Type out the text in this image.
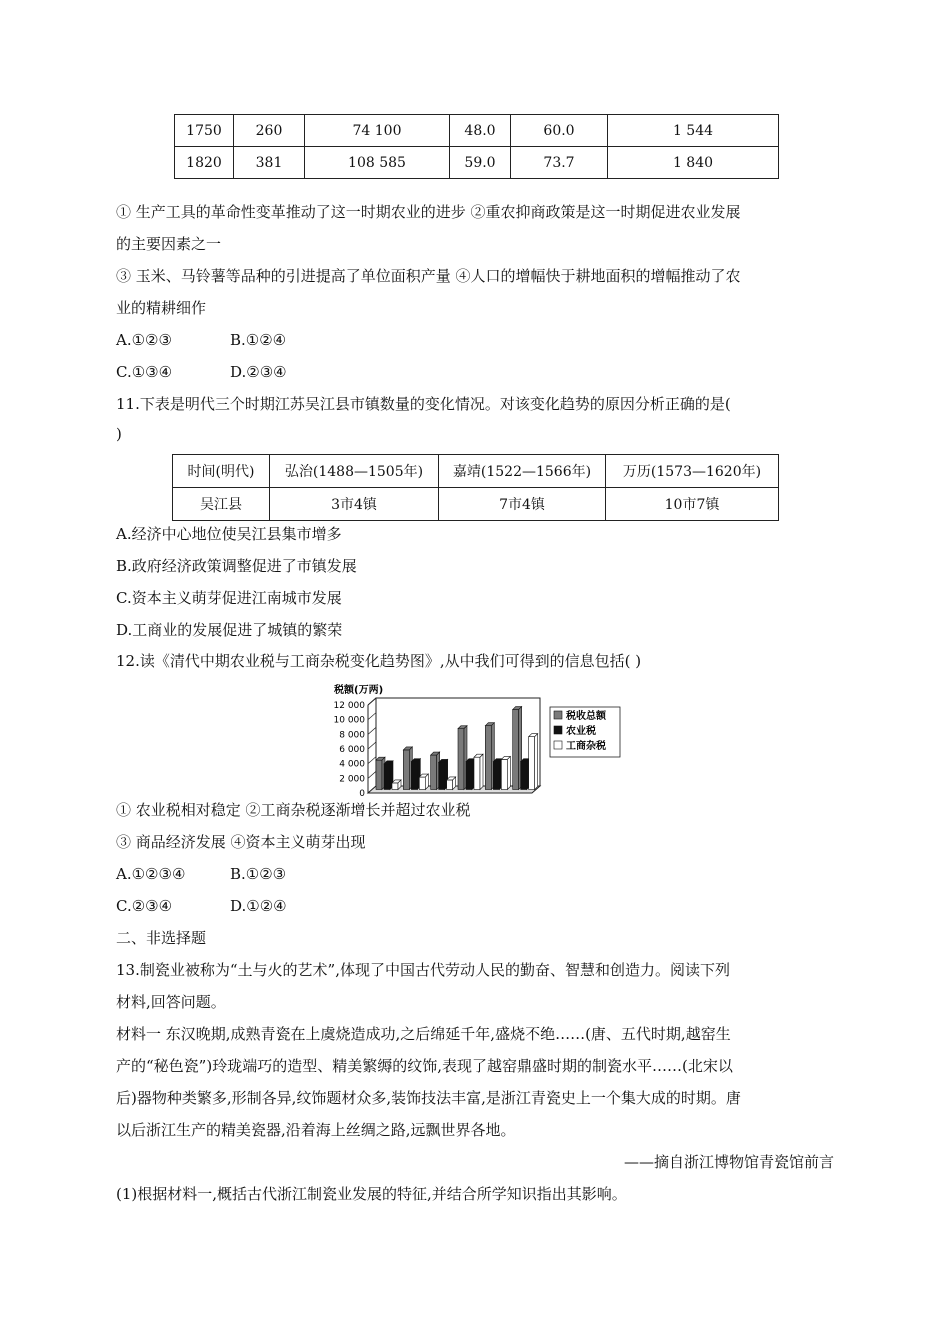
1750	260	74 100	48.0	60.0	1 544
1820	381	108 585	59.0	73.7	1 840
① 生产工具的革命性变革推动了这一时期农业的进步 ②重农抑商政策是这一时期促进农业发展
的主要因素之一
③ 玉米、马铃薯等品种的引进提高了单位面积产量 ④人口的增幅快于耕地面积的增幅推动了农
业的精耕细作
A.①②③	B.①②④
C.①③④	D.②③④
11.下表是明代三个时期江苏吴江县市镇数量的变化情况。对该变化趋势的原因分析正确的是(
)
时间(明代)	弘治(1488—1505年)	嘉靖(1522—1566年)	万历(1573—1620年)
吴江县	3市4镇	7市4镇	10市7镇
A.经济中心地位使吴江县集市增多
B.政府经济政策调整促进了市镇发展
C.资本主义萌芽促进江南城市发展
D.工商业的发展促进了城镇的繁荣
12.读《清代中期农业税与工商杂税变化趋势图》,从中我们可得到的信息包括( )
税额(万两)
12 000
10 000
8 000
6 000
4 000
2 000
0
税收总额
农业税
工商杂税
① 农业税相对稳定 ②工商杂税逐渐增长并超过农业税
③ 商品经济发展 ④资本主义萌芽出现
A.①②③④	B.①②③
C.②③④	D.①②④
二、非选择题
13.制瓷业被称为“土与火的艺术”,体现了中国古代劳动人民的勤奋、智慧和创造力。阅读下列
材料,回答问题。
材料一 东汉晚期,成熟青瓷在上虞烧造成功,之后绵延千年,盛烧不绝……(唐、五代时期,越窑生
产的“秘色瓷”)玲珑端巧的造型、精美繁缛的纹饰,表现了越窑鼎盛时期的制瓷水平……(北宋以
后)器物种类繁多,形制各异,纹饰题材众多,装饰技法丰富,是浙江青瓷史上一个集大成的时期。唐
以后浙江生产的精美瓷器,沿着海上丝绸之路,远飘世界各地。
——摘自浙江博物馆青瓷馆前言
(1)根据材料一,概括古代浙江制瓷业发展的特征,并结合所学知识指出其影响。
